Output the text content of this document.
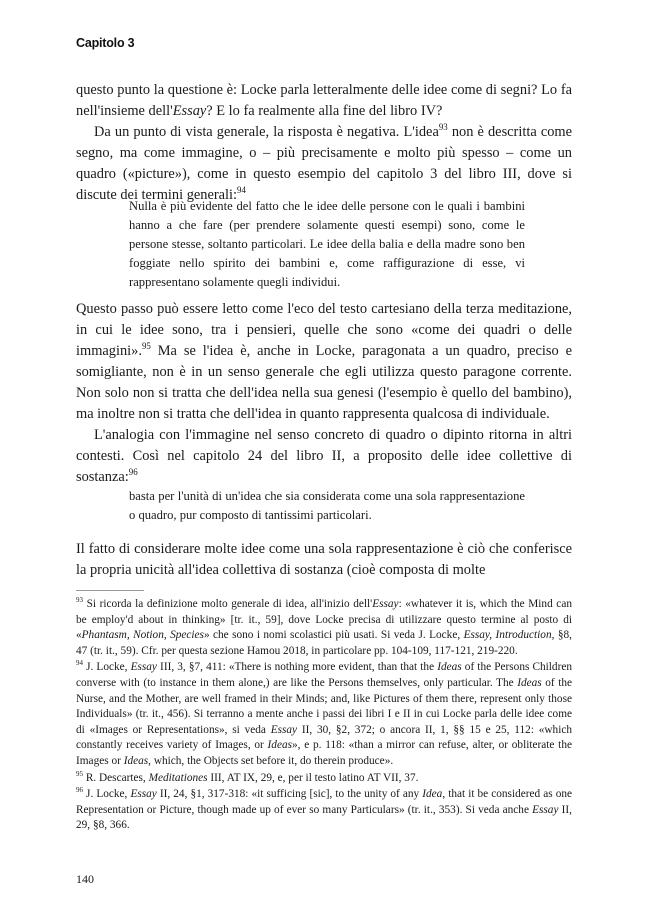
Capitolo 3

questo punto la questione è: Locke parla letteralmente delle idee come di segni? Lo fa nell'insieme dell'Essay? E lo fa realmente alla fine del libro IV?

Da un punto di vista generale, la risposta è negativa. L'idea$^{93}$ non è descritta come segno, ma come immagine, o – più precisamente e molto più spesso – come un quadro («picture»), come in questo esempio del capitolo 3 del libro III, dove si discute dei termini generali:$^{94}$

Nulla è più evidente del fatto che le idee delle persone con le quali i bambini hanno a che fare (per prendere solamente questi esempi) sono, come le persone stesse, soltanto particolari. Le idee della balia e della madre sono ben foggiate nello spirito dei bambini e, come raffigurazione di esse, vi rappresentano solamente quegli individui.

Questo passo può essere letto come l'eco del testo cartesiano della terza meditazione, in cui le idee sono, tra i pensieri, quelle che sono «come dei quadri o delle immagini».$^{95}$ Ma se l'idea è, anche in Locke, paragonata a un quadro, preciso e somigliante, non è in un senso generale che egli utilizza questo paragone corrente. Non solo non si tratta che dell'idea nella sua genesi (l'esempio è quello del bambino), ma inoltre non si tratta che dell'idea in quanto rappresenta qualcosa di individuale.

L'analogia con l'immagine nel senso concreto di quadro o dipinto ritorna in altri contesti. Così nel capitolo 24 del libro II, a proposito delle idee collettive di sostanza:$^{96}$

basta per l'unità di un'idea che sia considerata come una sola rappresentazione o quadro, pur composto di tantissimi particolari.

Il fatto di considerare molte idee come una sola rappresentazione è ciò che conferisce la propria unicità all'idea collettiva di sostanza (cioè composta di molte

$^{93}$ Si ricorda la definizione molto generale di idea, all'inizio dell'Essay: «whatever it is, which the Mind can be employ'd about in thinking» [tr. it., 59], dove Locke precisa di utilizzare questo termine al posto di «Phantasm, Notion, Species» che sono i nomi scolastici più usati. Si veda J. Locke, Essay, Introduction, §8, 47 (tr. it., 59). Cfr. per questa sezione Hamou 2018, in particolare pp. 104-109, 117-121, 219-220.

$^{94}$ J. Locke, Essay III, 3, §7, 411: «There is nothing more evident, than that the Ideas of the Persons Children converse with (to instance in them alone,) are like the Persons themselves, only particular. The Ideas of the Nurse, and the Mother, are well framed in their Minds; and, like Pictures of them there, represent only those Individuals» (tr. it., 456). Si terranno a mente anche i passi dei libri I e II in cui Locke parla delle idee come di «Images or Representations», si veda Essay II, 30, §2, 372; o ancora II, 1, §§ 15 e 25, 112: «which constantly receives variety of Images, or Ideas», e p. 118: «than a mirror can refuse, alter, or obliterate the Images or Ideas, which, the Objects set before it, do therein produce».

$^{95}$ R. Descartes, Meditationes III, AT IX, 29, e, per il testo latino AT VII, 37.

$^{96}$ J. Locke, Essay II, 24, §1, 317-318: «it sufficing [sic], to the unity of any Idea, that it be considered as one Representation or Picture, though made up of ever so many Particulars» (tr. it., 353). Si veda anche Essay II, 29, §8, 366.

140
